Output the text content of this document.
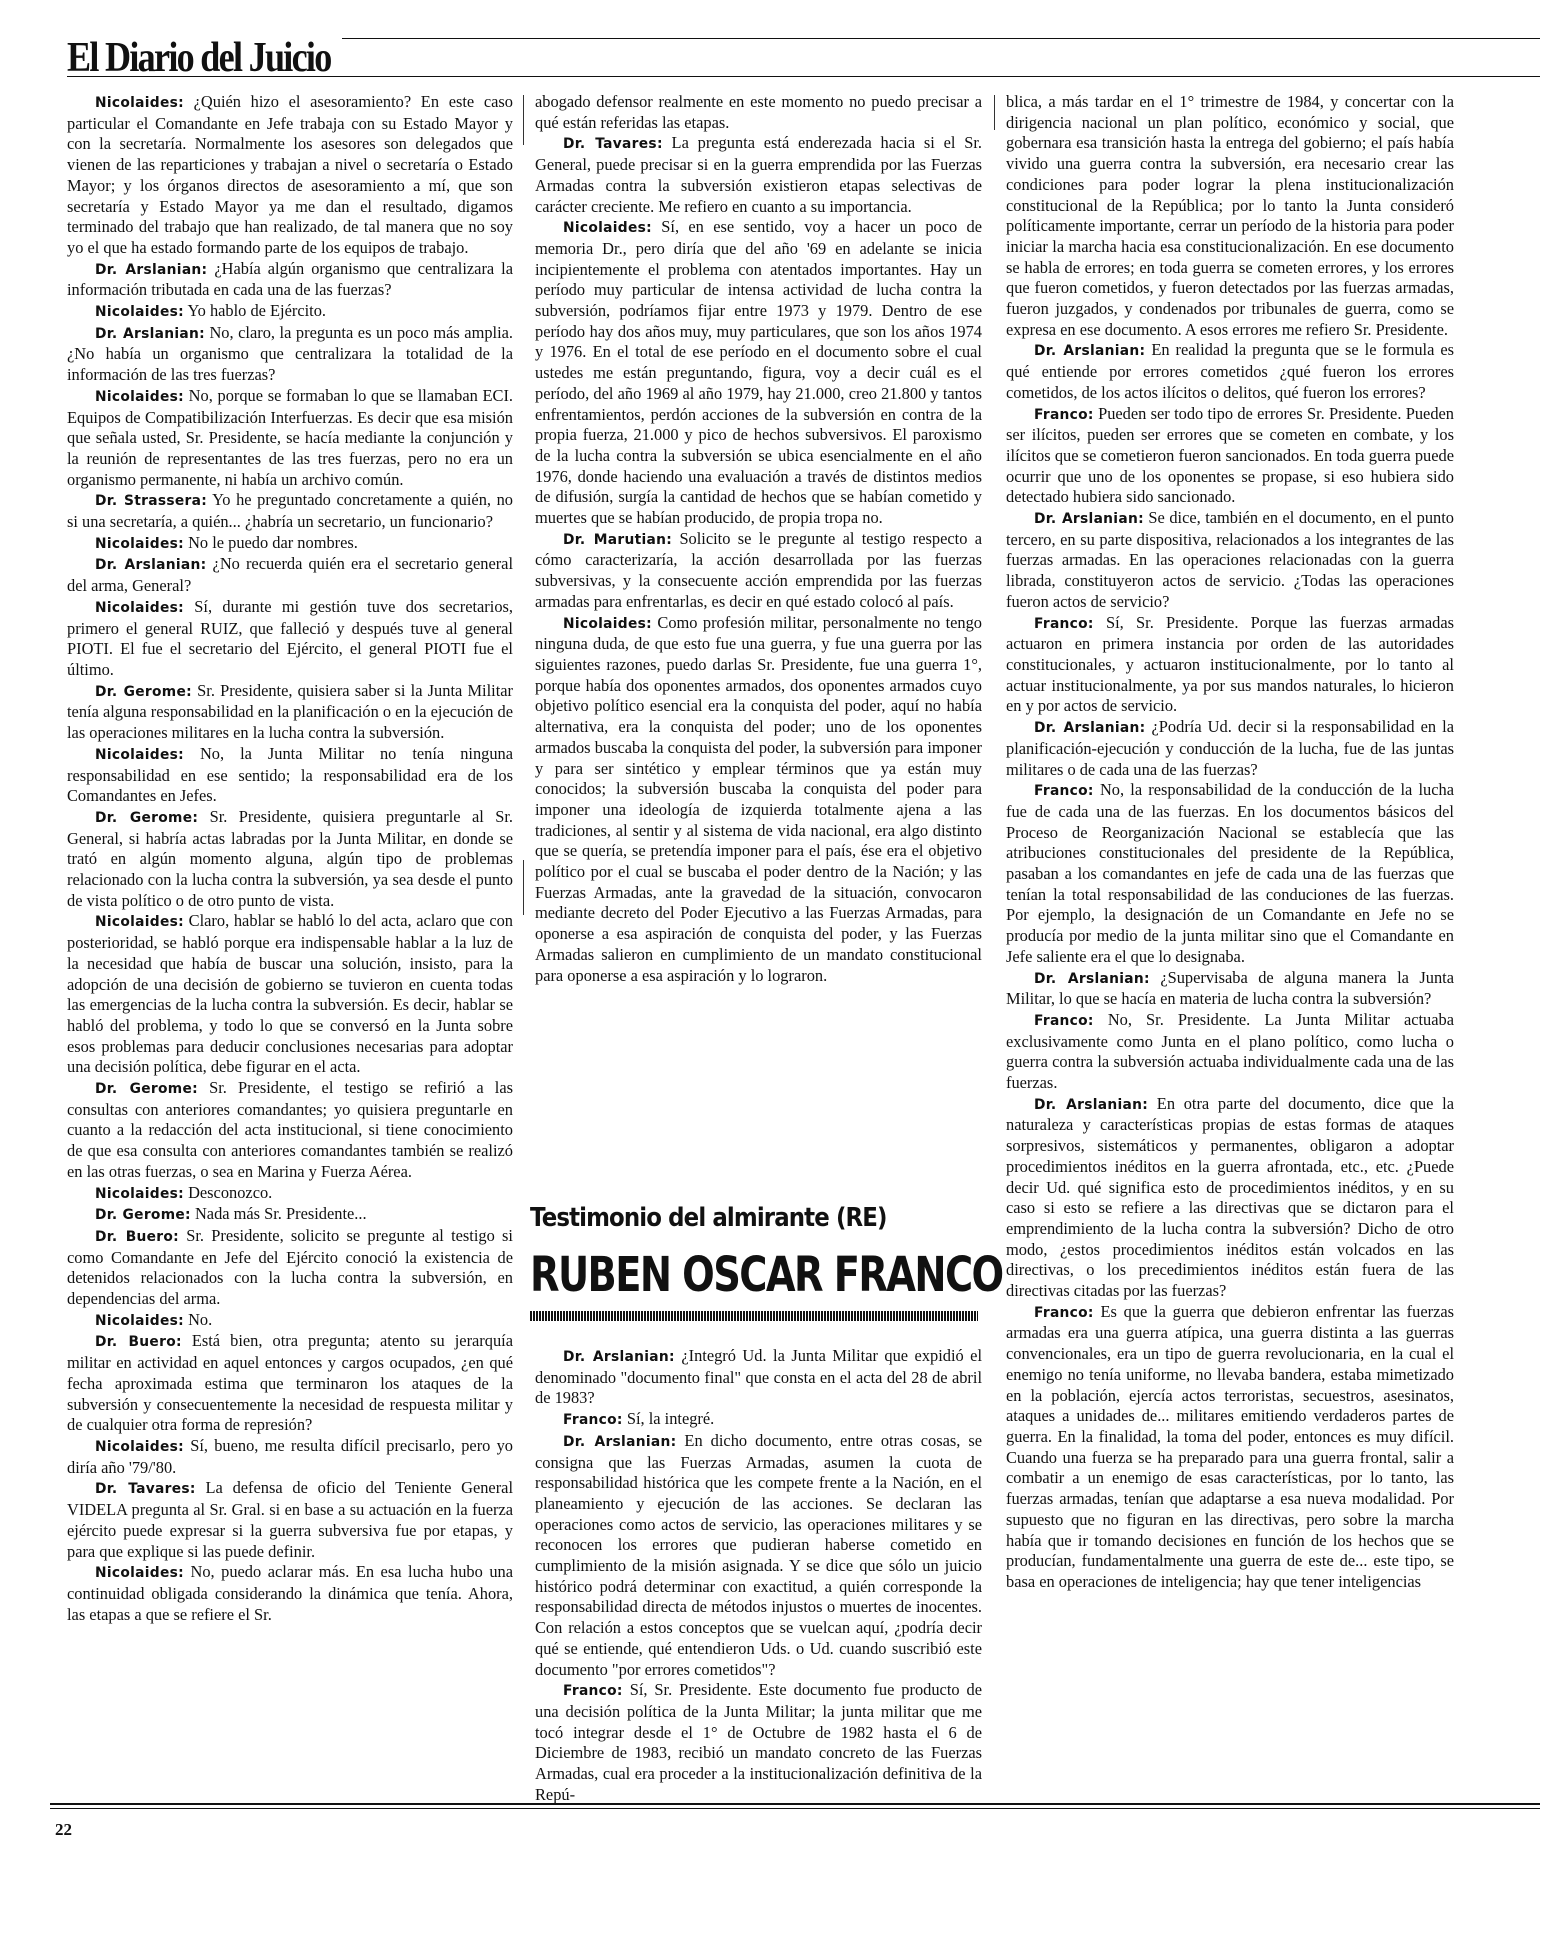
El Diario del Juicio

Nicolaides: ¿Quién hizo el asesoramiento? En este caso particular el Comandante en Jefe trabaja con su Estado Mayor y con la secretaría. Normalmente los asesores son delegados que vienen de las reparticiones y trabajan a nivel o secretaría o Estado Mayor; y los órganos directos de asesoramiento a mí, que son secretaría y Estado Mayor ya me dan el resultado, digamos terminado del trabajo que han realizado, de tal manera que no soy yo el que ha estado formando parte de los equipos de trabajo.

Dr. Arslanian: ¿Había algún organismo que centralizara la información tributada en cada una de las fuerzas?

Nicolaides: Yo hablo de Ejército.

Dr. Arslanian: No, claro, la pregunta es un poco más amplia. ¿No había un organismo que centralizara la totalidad de la información de las tres fuerzas?

Nicolaides: No, porque se formaban lo que se llamaban ECI. Equipos de Compatibilización Interfuerzas. Es decir que esa misión que señala usted, Sr. Presidente, se hacía mediante la conjunción y la reunión de representantes de las tres fuerzas, pero no era un organismo permanente, ni había un archivo común.

Dr. Strassera: Yo he preguntado concretamente a quién, no si una secretaría, a quién... ¿habría un secretario, un funcionario?

Nicolaides: No le puedo dar nombres.

Dr. Arslanian: ¿No recuerda quién era el secretario general del arma, General?

Nicolaides: Sí, durante mi gestión tuve dos secretarios, primero el general RUIZ, que falleció y después tuve al general PIOTI. El fue el secretario del Ejército, el general PIOTI fue el último.

Dr. Gerome: Sr. Presidente, quisiera saber si la Junta Militar tenía alguna responsabilidad en la planificación o en la ejecución de las operaciones militares en la lucha contra la subversión.

Nicolaides: No, la Junta Militar no tenía ninguna responsabilidad en ese sentido; la responsabilidad era de los Comandantes en Jefes.

Dr. Gerome: Sr. Presidente, quisiera preguntarle al Sr. General, si habría actas labradas por la Junta Militar, en donde se trató en algún momento alguna, algún tipo de problemas relacionado con la lucha contra la subversión, ya sea desde el punto de vista político o de otro punto de vista.

Nicolaides: Claro, hablar se habló lo del acta, aclaro que con posterioridad, se habló porque era indispensable hablar a la luz de la necesidad que había de buscar una solución, insisto, para la adopción de una decisión de gobierno se tuvieron en cuenta todas las emergencias de la lucha contra la subversión. Es decir, hablar se habló del problema, y todo lo que se conversó en la Junta sobre esos problemas para deducir conclusiones necesarias para adoptar una decisión política, debe figurar en el acta.

Dr. Gerome: Sr. Presidente, el testigo se refirió a las consultas con anteriores comandantes; yo quisiera preguntarle en cuanto a la redacción del acta institucional, si tiene conocimiento de que esa consulta con anteriores comandantes también se realizó en las otras fuerzas, o sea en Marina y Fuerza Aérea.

Nicolaides: Desconozco.

Dr. Gerome: Nada más Sr. Presidente...

Dr. Buero: Sr. Presidente, solicito se pregunte al testigo si como Comandante en Jefe del Ejército conoció la existencia de detenidos relacionados con la lucha contra la subversión, en dependencias del arma.

Nicolaides: No.

Dr. Buero: Está bien, otra pregunta; atento su jerarquía militar en actividad en aquel entonces y cargos ocupados, ¿en qué fecha aproximada estima que terminaron los ataques de la subversión y consecuentemente la necesidad de respuesta militar y de cualquier otra forma de represión?

Nicolaides: Sí, bueno, me resulta difícil precisarlo, pero yo diría año '79/'80.

Dr. Tavares: La defensa de oficio del Teniente General VIDELA pregunta al Sr. Gral. si en base a su actuación en la fuerza ejército puede expresar si la guerra subversiva fue por etapas, y para que explique si las puede definir.

Nicolaides: No, puedo aclarar más. En esa lucha hubo una continuidad obligada considerando la dinámica que tenía. Ahora, las etapas a que se refiere el Sr.

abogado defensor realmente en este momento no puedo precisar a qué están referidas las etapas.

Dr. Tavares: La pregunta está enderezada hacia si el Sr. General, puede precisar si en la guerra emprendida por las Fuerzas Armadas contra la subversión existieron etapas selectivas de carácter creciente. Me refiero en cuanto a su importancia.

Nicolaides: Sí, en ese sentido, voy a hacer un poco de memoria Dr., pero diría que del año '69 en adelante se inicia incipientemente el problema con atentados importantes. Hay un período muy particular de intensa actividad de lucha contra la subversión, podríamos fijar entre 1973 y 1979. Dentro de ese período hay dos años muy, muy particulares, que son los años 1974 y 1976. En el total de ese período en el documento sobre el cual ustedes me están preguntando, figura, voy a decir cuál es el período, del año 1969 al año 1979, hay 21.000, creo 21.800 y tantos enfrentamientos, perdón acciones de la subversión en contra de la propia fuerza, 21.000 y pico de hechos subversivos. El paroxismo de la lucha contra la subversión se ubica esencialmente en el año 1976, donde haciendo una evaluación a través de distintos medios de difusión, surgía la cantidad de hechos que se habían cometido y muertes que se habían producido, de propia tropa no.

Dr. Marutian: Solicito se le pregunte al testigo respecto a cómo caracterizaría, la acción desarrollada por las fuerzas subversivas, y la consecuente acción emprendida por las fuerzas armadas para enfrentarlas, es decir en qué estado colocó al país.

Nicolaides: Como profesión militar, personalmente no tengo ninguna duda, de que esto fue una guerra, y fue una guerra por las siguientes razones, puedo darlas Sr. Presidente, fue una guerra 1°, porque había dos oponentes armados, dos oponentes armados cuyo objetivo político esencial era la conquista del poder, aquí no había alternativa, era la conquista del poder; uno de los oponentes armados buscaba la conquista del poder, la subversión para imponer y para ser sintético y emplear términos que ya están muy conocidos; la subversión buscaba la conquista del poder para imponer una ideología de izquierda totalmente ajena a las tradiciones, al sentir y al sistema de vida nacional, era algo distinto que se quería, se pretendía imponer para el país, ése era el objetivo político por el cual se buscaba el poder dentro de la Nación; y las Fuerzas Armadas, ante la gravedad de la situación, convocaron mediante decreto del Poder Ejecutivo a las Fuerzas Armadas, para oponerse a esa aspiración de conquista del poder, y las Fuerzas Armadas salieron en cumplimiento de un mandato constitucional para oponerse a esa aspiración y lo lograron.

Testimonio del almirante (RE)
RUBEN OSCAR FRANCO

Dr. Arslanian: ¿Integró Ud. la Junta Militar que expidió el denominado "documento final" que consta en el acta del 28 de abril de 1983?

Franco: Sí, la integré.

Dr. Arslanian: En dicho documento, entre otras cosas, se consigna que las Fuerzas Armadas, asumen la cuota de responsabilidad histórica que les compete frente a la Nación, en el planeamiento y ejecución de las acciones. Se declaran las operaciones como actos de servicio, las operaciones militares y se reconocen los errores que pudieran haberse cometido en cumplimiento de la misión asignada. Y se dice que sólo un juicio histórico podrá determinar con exactitud, a quién corresponde la responsabilidad directa de métodos injustos o muertes de inocentes. Con relación a estos conceptos que se vuelcan aquí, ¿podría decir qué se entiende, qué entendieron Uds. o Ud. cuando suscribió este documento "por errores cometidos"?

Franco: Sí, Sr. Presidente. Este documento fue producto de una decisión política de la Junta Militar; la junta militar que me tocó integrar desde el 1° de Octubre de 1982 hasta el 6 de Diciembre de 1983, recibió un mandato concreto de las Fuerzas Armadas, cual era proceder a la institucionalización definitiva de la Repú-

blica, a más tardar en el 1° trimestre de 1984, y concertar con la dirigencia nacional un plan político, económico y social, que gobernara esa transición hasta la entrega del gobierno; el país había vivido una guerra contra la subversión, era necesario crear las condiciones para poder lograr la plena institucionalización constitucional de la República; por lo tanto la Junta consideró políticamente importante, cerrar un período de la historia para poder iniciar la marcha hacia esa constitucionalización. En ese documento se habla de errores; en toda guerra se cometen errores, y los errores que fueron cometidos, y fueron detectados por las fuerzas armadas, fueron juzgados, y condenados por tribunales de guerra, como se expresa en ese documento. A esos errores me refiero Sr. Presidente.

Dr. Arslanian: En realidad la pregunta que se le formula es qué entiende por errores cometidos ¿qué fueron los errores cometidos, de los actos ilícitos o delitos, qué fueron los errores?

Franco: Pueden ser todo tipo de errores Sr. Presidente. Pueden ser ilícitos, pueden ser errores que se cometen en combate, y los ilícitos que se cometieron fueron sancionados. En toda guerra puede ocurrir que uno de los oponentes se propase, si eso hubiera sido detectado hubiera sido sancionado.

Dr. Arslanian: Se dice, también en el documento, en el punto tercero, en su parte dispositiva, relacionados a los integrantes de las fuerzas armadas. En las operaciones relacionadas con la guerra librada, constituyeron actos de servicio. ¿Todas las operaciones fueron actos de servicio?

Franco: Sí, Sr. Presidente. Porque las fuerzas armadas actuaron en primera instancia por orden de las autoridades constitucionales, y actuaron institucionalmente, por lo tanto al actuar institucionalmente, ya por sus mandos naturales, lo hicieron en y por actos de servicio.

Dr. Arslanian: ¿Podría Ud. decir si la responsabilidad en la planificación-ejecución y conducción de la lucha, fue de las juntas militares o de cada una de las fuerzas?

Franco: No, la responsabilidad de la conducción de la lucha fue de cada una de las fuerzas. En los documentos básicos del Proceso de Reorganización Nacional se establecía que las atribuciones constitucionales del presidente de la República, pasaban a los comandantes en jefe de cada una de las fuerzas que tenían la total responsabilidad de las conduciones de las fuerzas. Por ejemplo, la designación de un Comandante en Jefe no se producía por medio de la junta militar sino que el Comandante en Jefe saliente era el que lo designaba.

Dr. Arslanian: ¿Supervisaba de alguna manera la Junta Militar, lo que se hacía en materia de lucha contra la subversión?

Franco: No, Sr. Presidente. La Junta Militar actuaba exclusivamente como Junta en el plano político, como lucha o guerra contra la subversión actuaba individualmente cada una de las fuerzas.

Dr. Arslanian: En otra parte del documento, dice que la naturaleza y características propias de estas formas de ataques sorpresivos, sistemáticos y permanentes, obligaron a adoptar procedimientos inéditos en la guerra afrontada, etc., etc. ¿Puede decir Ud. qué significa esto de procedimientos inéditos, y en su caso si esto se refiere a las directivas que se dictaron para el emprendimiento de la lucha contra la subversión? Dicho de otro modo, ¿estos procedimientos inéditos están volcados en las directivas, o los precedimientos inéditos están fuera de las directivas citadas por las fuerzas?

Franco: Es que la guerra que debieron enfrentar las fuerzas armadas era una guerra atípica, una guerra distinta a las guerras convencionales, era un tipo de guerra revolucionaria, en la cual el enemigo no tenía uniforme, no llevaba bandera, estaba mimetizado en la población, ejercía actos terroristas, secuestros, asesinatos, ataques a unidades de... militares emitiendo verdaderos partes de guerra. En la finalidad, la toma del poder, entonces es muy difícil. Cuando una fuerza se ha preparado para una guerra frontal, salir a combatir a un enemigo de esas características, por lo tanto, las fuerzas armadas, tenían que adaptarse a esa nueva modalidad. Por supuesto que no figuran en las directivas, pero sobre la marcha había que ir tomando decisiones en función de los hechos que se producían, fundamentalmente una guerra de este de... este tipo, se basa en operaciones de inteligencia; hay que tener inteligencias

22
